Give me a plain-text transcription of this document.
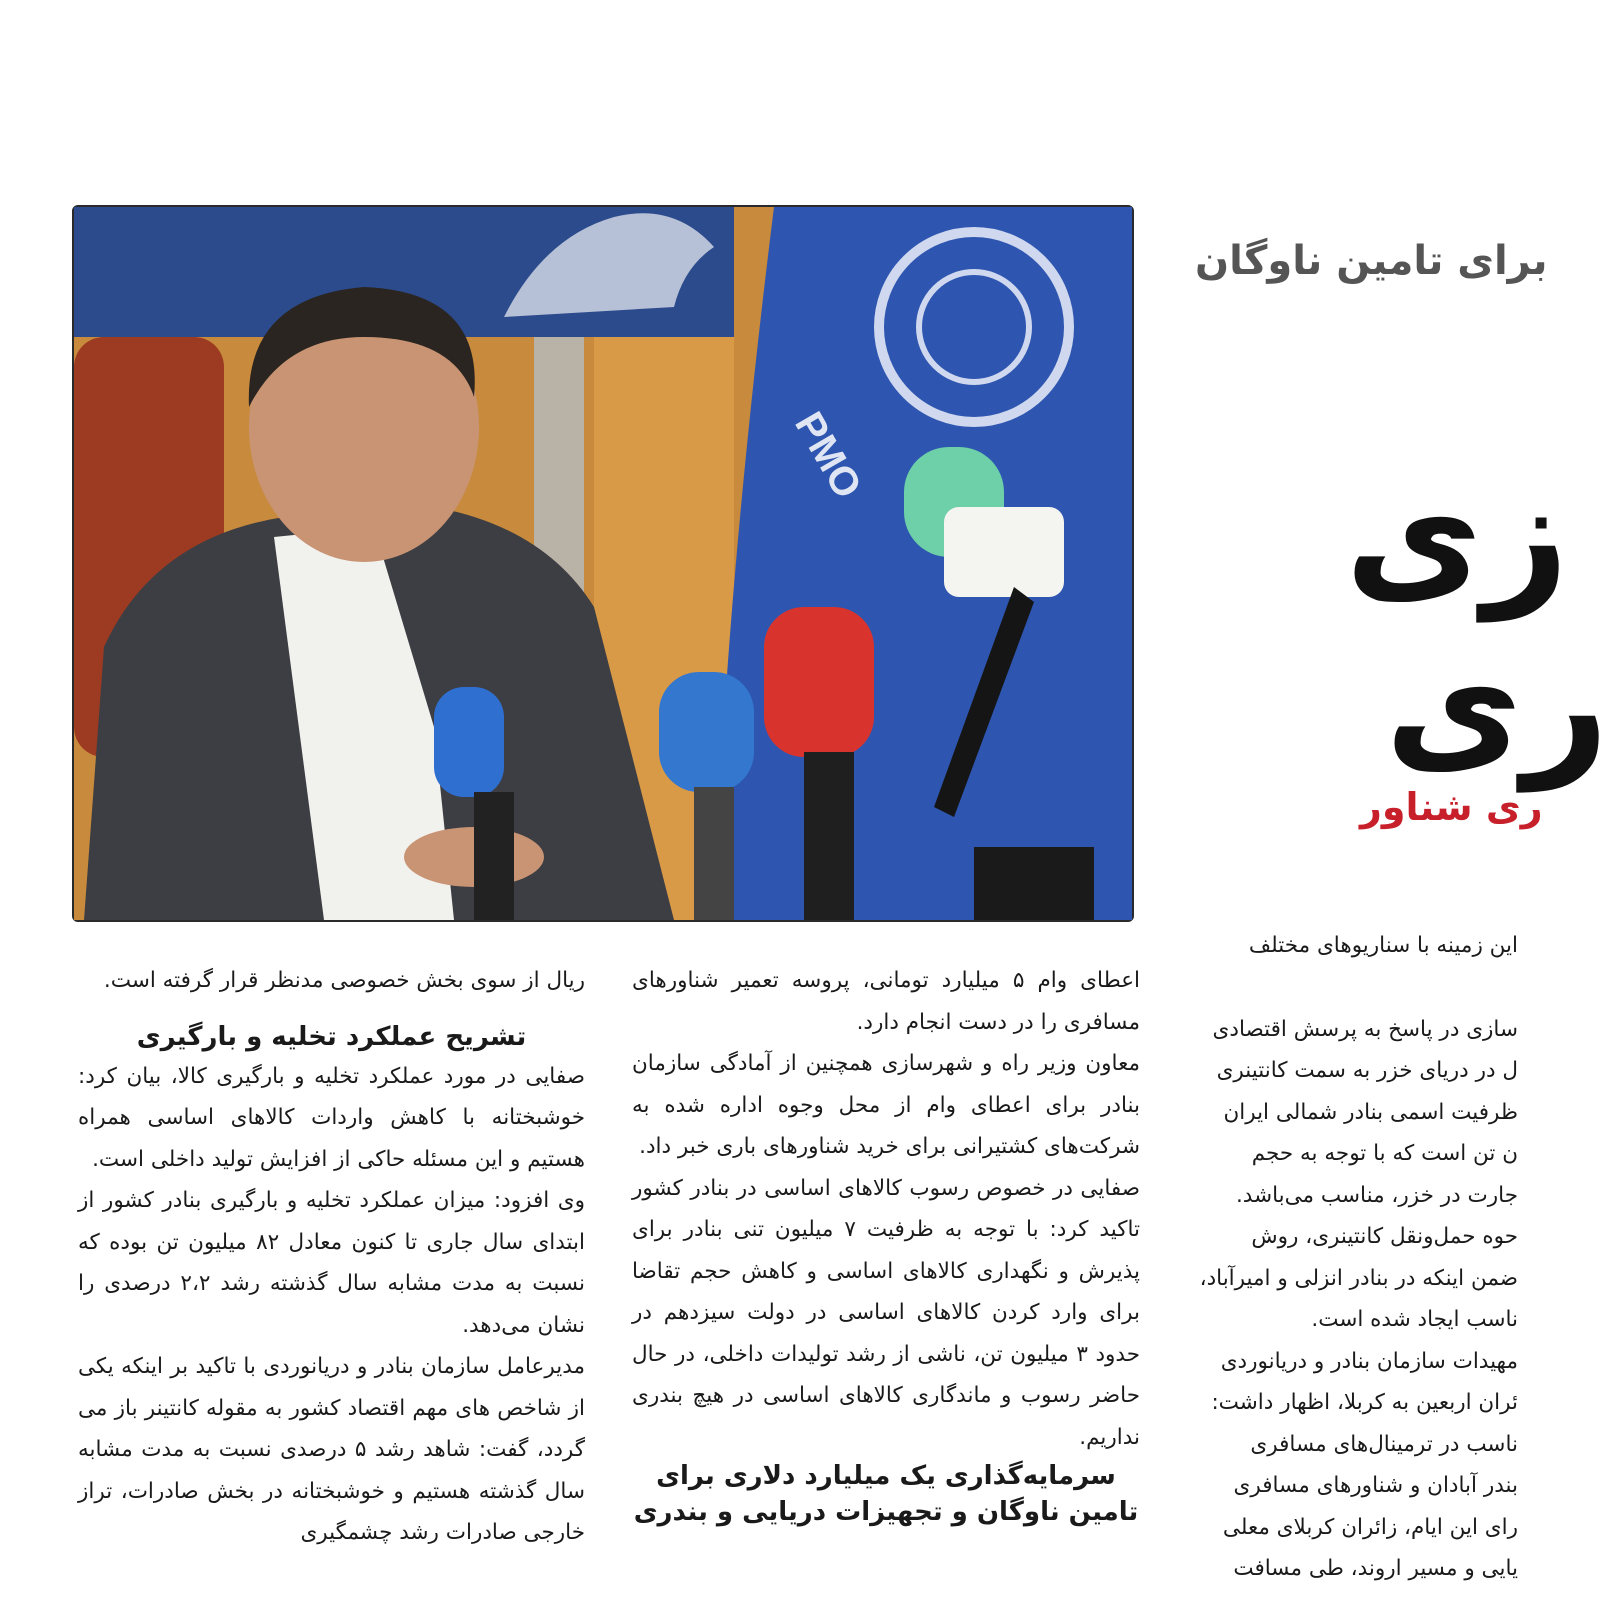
PMO
برای تامین ناوگان
زی
ری
ری شناور

این زمینه با سناریوهای مختلف

سازی در پاسخ به پرسش اقتصادی

ل در دریای خزر به سمت کانتینری

ظرفیت اسمی بنادر شمالی ایران

ن تن است که با توجه به حجم

جارت در خزر، مناسب می‌باشد.

حوه حمل‌ونقل کانتینری، روش

ضمن اینکه در بنادر انزلی و امیرآباد،

ناسب ایجاد شده است.

مهیدات سازمان بنادر و دریانوردی

ئران اربعین به کربلا، اظهار داشت:

ناسب در ترمینال‌های مسافری

بندر آبادان و شناورهای مسافری

رای این ایام، زائران کربلای معلی

یایی و مسیر اروند، طی مسافت

اعطای وام ۵ میلیارد تومانی، پروسه تعمیر شناورهای مسافری را در دست انجام دارد.

معاون وزیر راه و شهرسازی همچنین از آمادگی سازمان بنادر برای اعطای وام از محل وجوه اداره شده به شرکت‌های کشتیرانی برای خرید شناورهای باری خبر داد.

صفایی در خصوص رسوب کالاهای اساسی در بنادر کشور تاکید کرد: با توجه به ظرفیت ۷ میلیون تنی بنادر برای پذیرش و نگهداری کالاهای اساسی و کاهش حجم تقاضا برای وارد کردن کالاهای اساسی در دولت سیزدهم در حدود ۳ میلیون تن، ناشی از رشد تولیدات داخلی، در حال حاضر رسوب و ماندگاری کالاهای اساسی در هیچ بندری نداریم.

سرمایه‌گذاری یک میلیارد دلاری برای تامین ناوگان و تجهیزات دریایی و بندری

ریال از سوی بخش خصوصی مدنظر قرار گرفته است.

تشریح عملکرد تخلیه و بارگیری

صفایی در مورد عملکرد تخلیه و بارگیری کالا، بیان کرد: خوشبختانه با کاهش واردات کالاهای اساسی همراه هستیم و این مسئله حاکی از افزایش تولید داخلی است.

وی افزود: میزان عملکرد تخلیه و بارگیری بنادر کشور از ابتدای سال جاری تا کنون معادل ۸۲ میلیون تن بوده که نسبت به مدت مشابه سال گذشته رشد ۲،۲ درصدی را نشان می‌دهد.

مدیرعامل سازمان بنادر و دریانوردی با تاکید بر اینکه یکی از شاخص های مهم اقتصاد کشور به مقوله کانتینر باز می گردد، گفت: شاهد رشد ۵ درصدی نسبت به مدت مشابه سال گذشته هستیم و خوشبختانه در بخش صادرات، تراز خارجی صادرات رشد چشمگیری
